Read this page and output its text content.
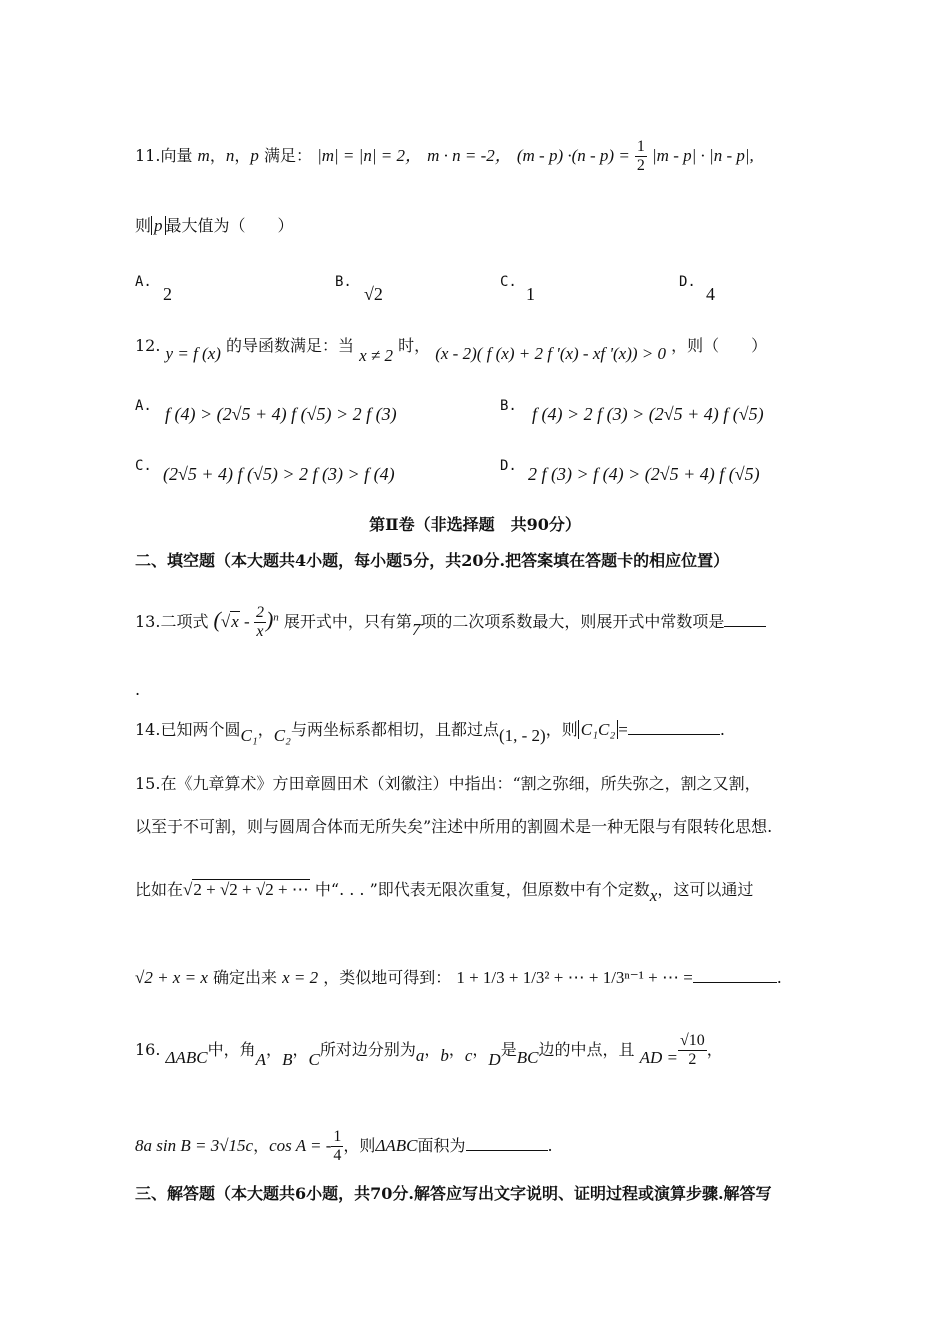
11.向量 m，n，p 满足： |m| = |n| = 2， m · n = -2， $(m - p) \cdot(n - p) = \frac{1}{2} |m - p| \cdot |n - p|$,
则 p 最大值为（　　）
A.
2
B.
√2
C.
1
D.
4
12. y = f (x) 的导函数满足：当 x ≠ 2 时， (x - 2)( f (x) + 2 f '(x) - xf '(x)) > 0 ，则（　　）
A. f (4) > (2√5 + 4) f (√5) > 2 f (3)	B. f (4) > 2 f (3) > (2√5 + 4) f (√5)
C. (2√5 + 4) f (√5) > 2 f (3) > f (4)	D. 2 f (3) > f (4) > (2√5 + 4) f (√5)
第Ⅱ卷（非选择题　共90分）
二、填空题（本大题共4小题，每小题5分，共20分.把答案填在答题卡的相应位置）
13.二项式 $(√x - \frac{2}{x} )^n$ 展开式中，只有第7项的二次项系数最大，则展开式中常数项是
.
14.已知两个圆C₁，C₂与两坐标系都相切，且都过点(1, - 2)，则 C₁C₂ =	.
15.在《九章算术》方田章圆田术（刘徽注）中指出：“割之弥细，所失弥之，割之又割，
以至于不可割，则与圆周合体而无所失矣”注述中所用的割圆术是一种无限与有限转化思想.
比如在√2 + √2 + √2 + ⋯ 中“. . . ”即代表无限次重复，但原数中有个定数x，这可以通过
√2 + x = x 确定出来 x = 2 ，类似地可得到： 1 + 1/3 + 1/3² + ⋯ + 1/3ⁿ⁻¹ + ⋯ =	.
16. ΔABC中，角A，B，C所对边分别为a，b，c，D是BC边的中点，且 AD = $\frac{√10}{2}$ ，
8a sin B = 3√15c，cos A = - $\frac{1}{4}$ ，则ΔABC面积为	.
三、解答题（本大题共6小题，共70分.解答应写出文字说明、证明过程或演算步骤.解答写
